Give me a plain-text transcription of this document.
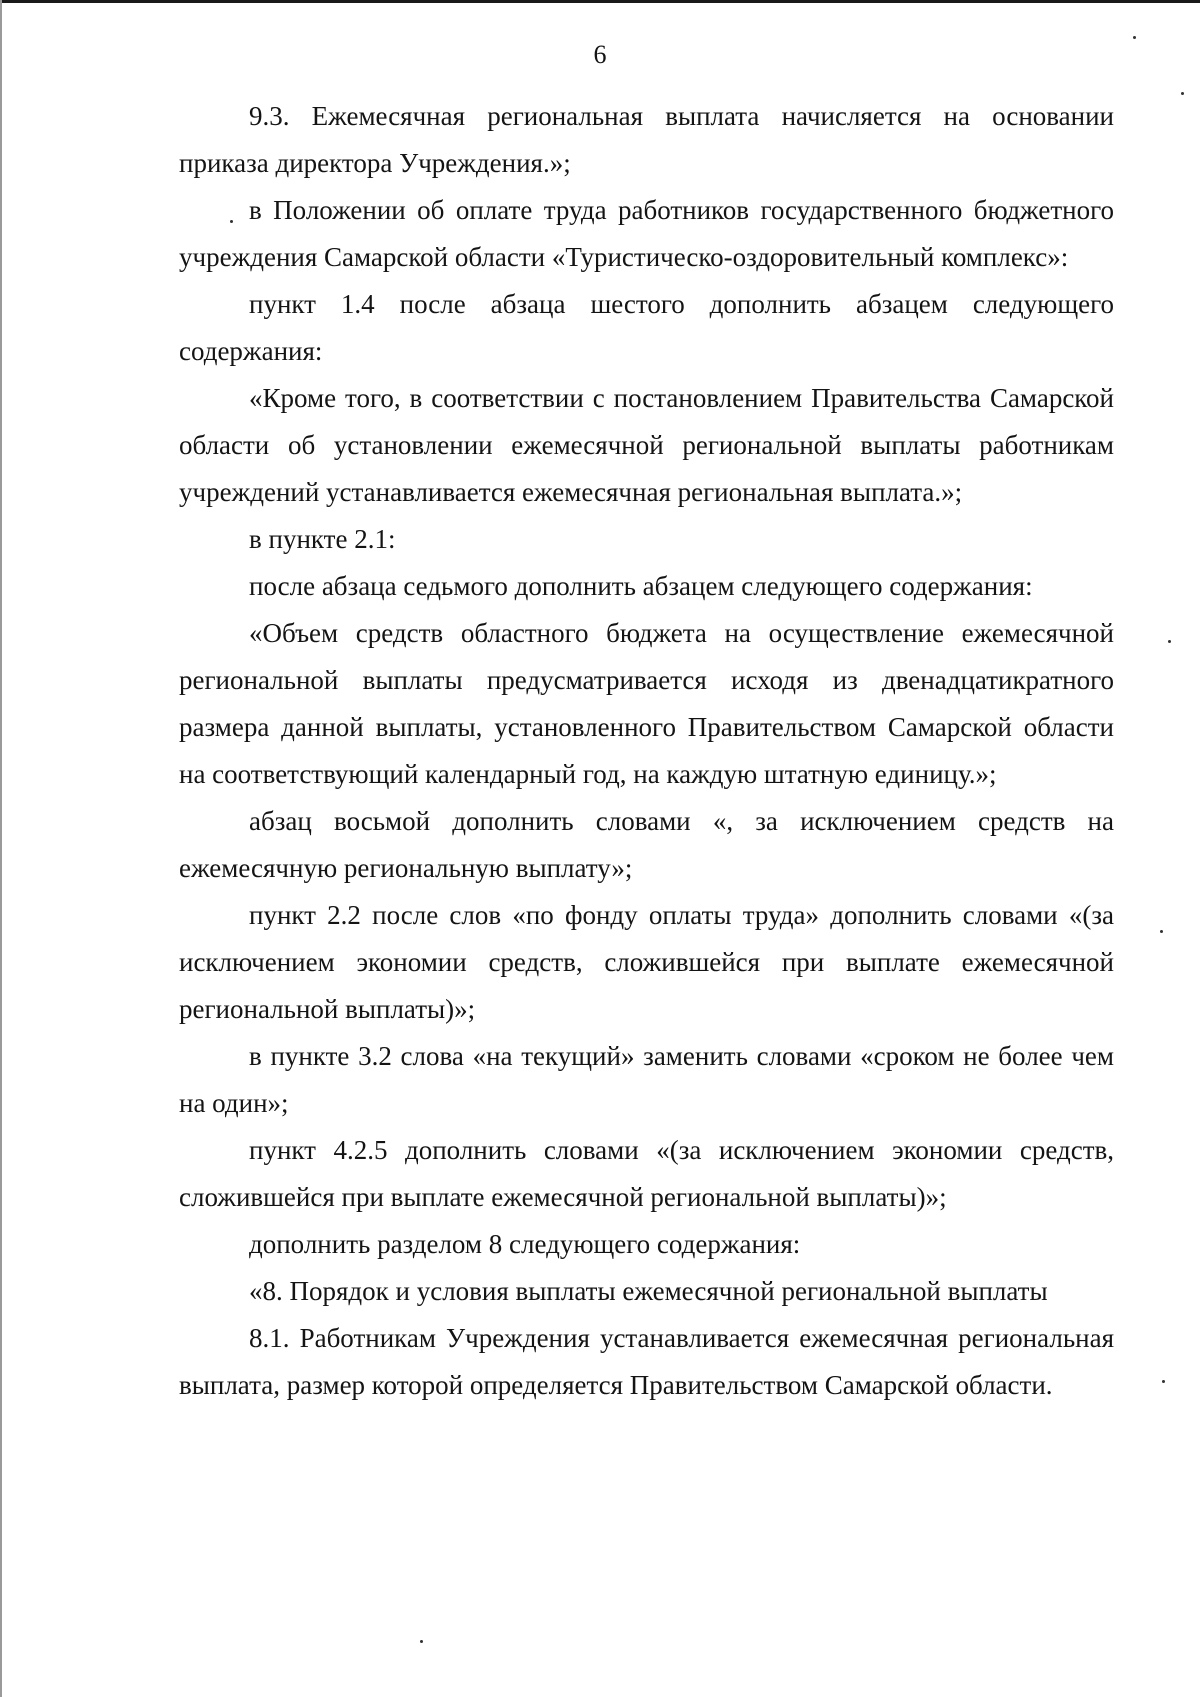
6

9.3. Ежемесячная региональная выплата начисляется на основании приказа директора Учреждения.»;

в Положении об оплате труда работников государственного бюджетного учреждения Самарской области «Туристическо-оздоровительный комплекс»:

пункт 1.4 после абзаца шестого дополнить абзацем следующего содержания:

«Кроме того, в соответствии с постановлением Правительства Самарской области об установлении ежемесячной региональной выплаты работникам учреждений устанавливается ежемесячная региональная выплата.»;

в пункте 2.1:

после абзаца седьмого дополнить абзацем следующего содержания:

«Объем средств областного бюджета на осуществление ежемесячной региональной выплаты предусматривается исходя из двенадцатикратного размера данной выплаты, установленного Правительством Самарской области на соответствующий календарный год, на каждую штатную единицу.»;

абзац восьмой дополнить словами «, за исключением средств на ежемесячную региональную выплату»;

пункт 2.2 после слов «по фонду оплаты труда» дополнить словами «(за исключением экономии средств, сложившейся при выплате ежемесячной региональной выплаты)»;

в пункте 3.2 слова «на текущий» заменить словами «сроком не более чем на один»;

пункт 4.2.5 дополнить словами «(за исключением экономии средств, сложившейся при выплате ежемесячной региональной выплаты)»;

дополнить разделом 8 следующего содержания:

«8. Порядок и условия выплаты ежемесячной региональной выплаты

8.1. Работникам Учреждения устанавливается ежемесячная региональная выплата, размер которой определяется Правительством Самарской области.
